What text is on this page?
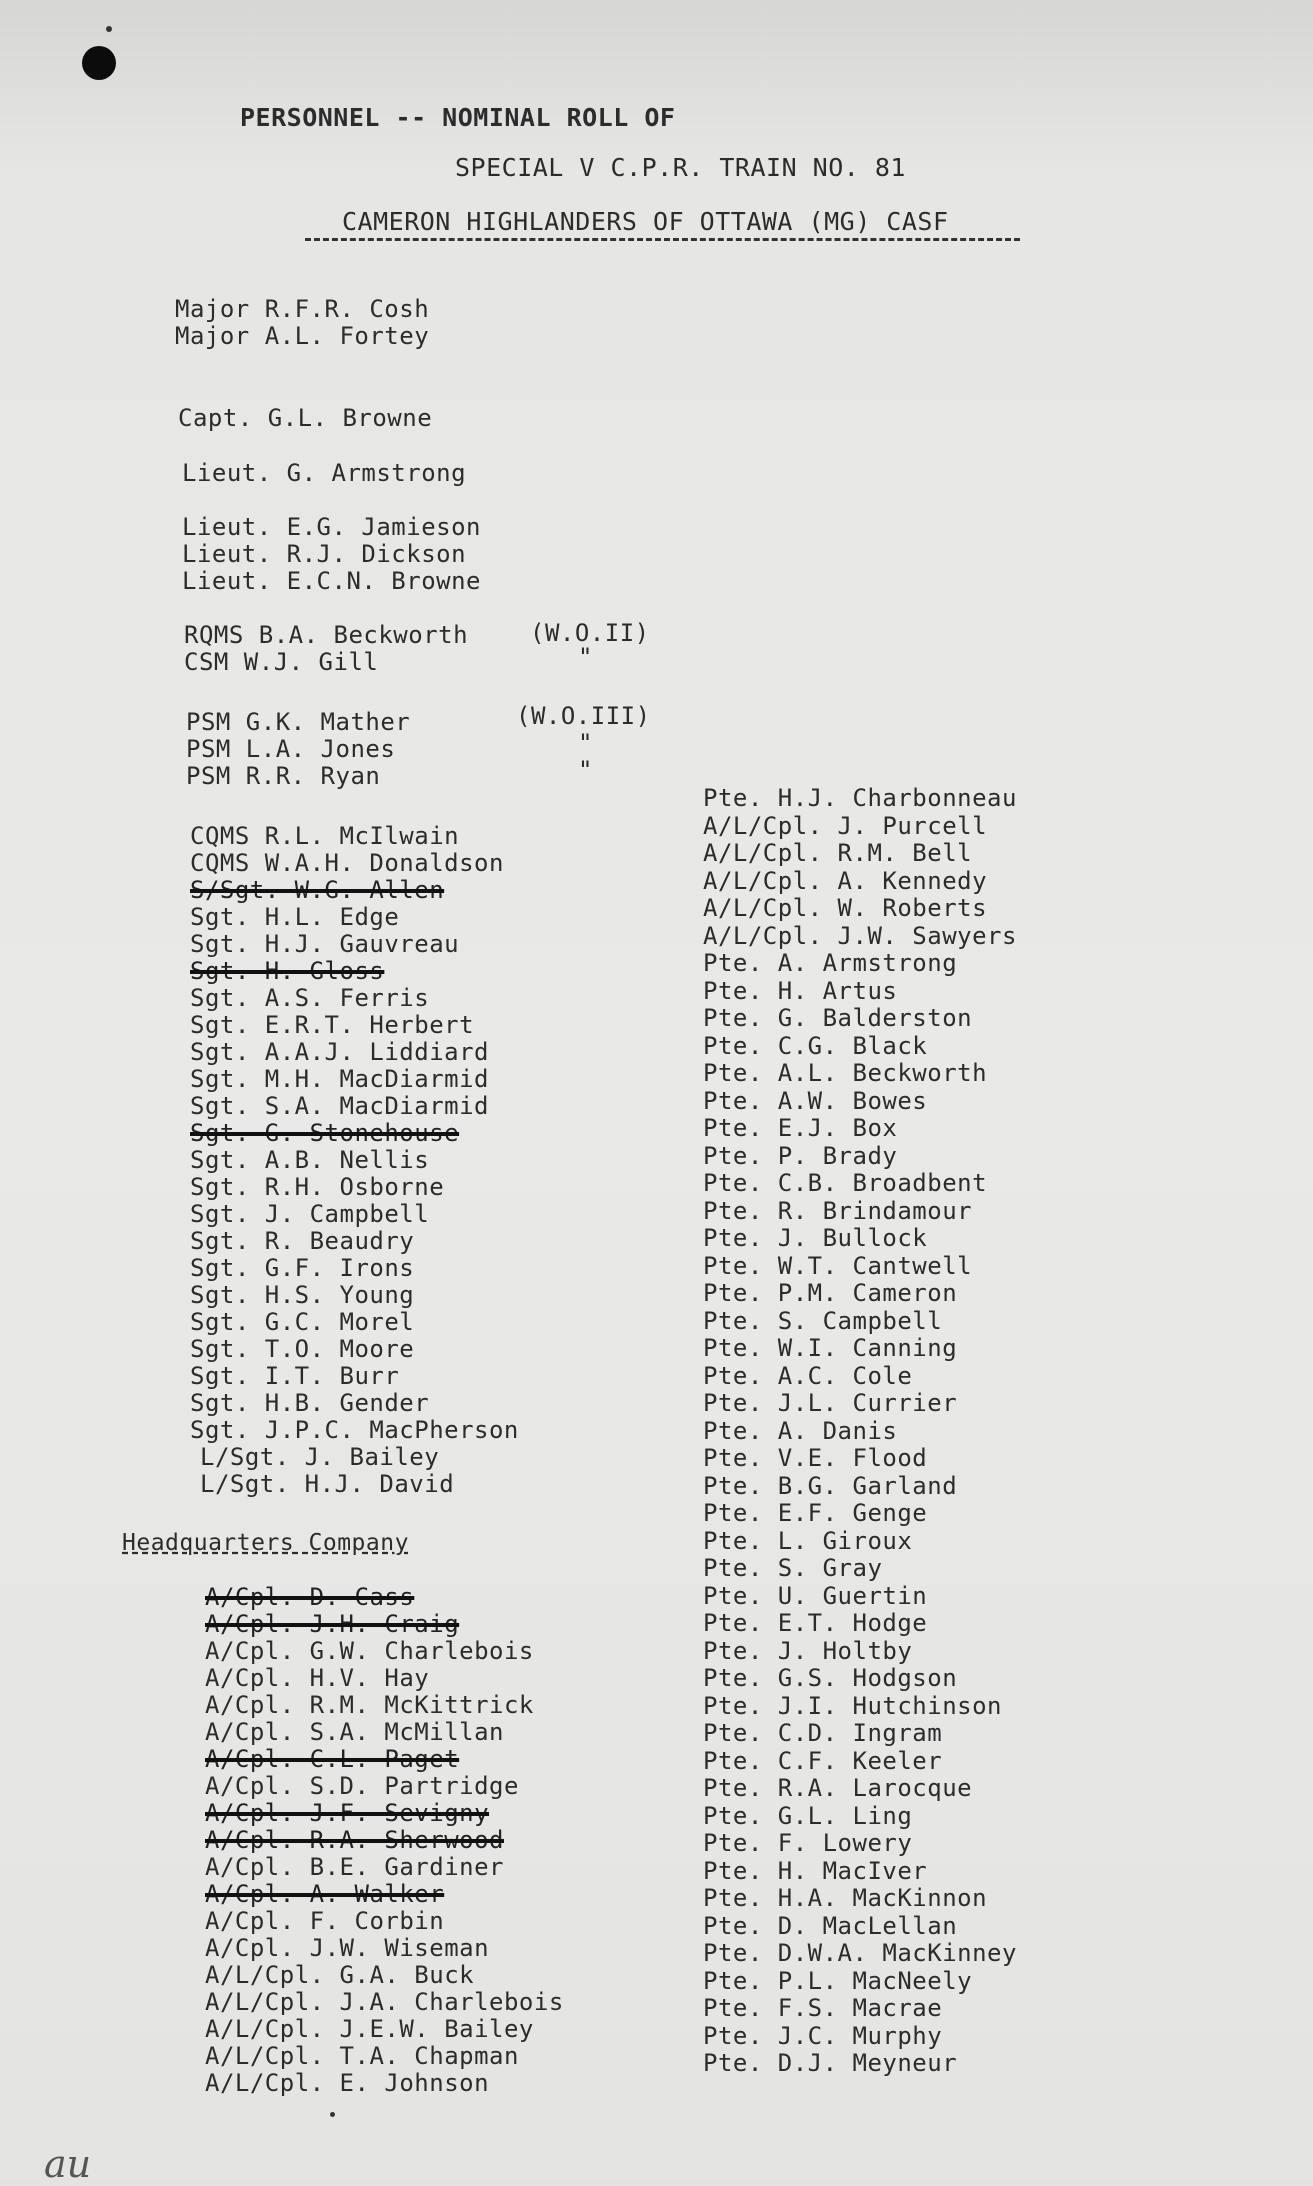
PERSONNEL -- NOMINAL ROLL OF
SPECIAL V C.P.R. TRAIN NO. 81
CAMERON HIGHLANDERS OF OTTAWA (MG) CASF
Major R.F.R. Cosh
Major A.L. Fortey
Capt. G.L. Browne
Lieut. G. Armstrong
Lieut. E.G. Jamieson
Lieut. R.J. Dickson
Lieut. E.C.N. Browne
RQMS B.A. Beckworth
CSM W.J. Gill
PSM G.K. Mather
PSM L.A. Jones
PSM R.R. Ryan
CQMS R.L. McIlwain
CQMS W.A.H. Donaldson
S/Sgt. W.G. Allen
Sgt. H.L. Edge
Sgt. H.J. Gauvreau
Sgt. H. Gloss
Sgt. A.S. Ferris
Sgt. E.R.T. Herbert
Sgt. A.A.J. Liddiard
Sgt. M.H. MacDiarmid
Sgt. S.A. MacDiarmid
Sgt. G. Stonehouse
Sgt. A.B. Nellis
Sgt. R.H. Osborne
Sgt. J. Campbell
Sgt. R. Beaudry
Sgt. G.F. Irons
Sgt. H.S. Young
Sgt. G.C. Morel
Sgt. T.O. Moore
Sgt. I.T. Burr
Sgt. H.B. Gender
Sgt. J.P.C. MacPherson
L/Sgt. J. Bailey
L/Sgt. H.J. David
Headquarters Company
A/Cpl. D. Cass
A/Cpl. J.H. Craig
A/Cpl. G.W. Charlebois
A/Cpl. H.V. Hay
A/Cpl. R.M. McKittrick
A/Cpl. S.A. McMillan
A/Cpl. C.L. Paget
A/Cpl. S.D. Partridge
A/Cpl. J.F. Sevigny
A/Cpl. R.A. Sherwood
A/Cpl. B.E. Gardiner
A/Cpl. A. Walker
A/Cpl. F. Corbin
A/Cpl. J.W. Wiseman
A/L/Cpl. G.A. Buck
A/L/Cpl. J.A. Charlebois
A/L/Cpl. J.E.W. Bailey
A/L/Cpl. T.A. Chapman
A/L/Cpl. E. Johnson
(W.O.II)
"
(W.O.III)
"
"
Pte. H.J. Charbonneau
A/L/Cpl. J. Purcell
A/L/Cpl. R.M. Bell
A/L/Cpl. A. Kennedy
A/L/Cpl. W. Roberts
A/L/Cpl. J.W. Sawyers
Pte. A. Armstrong
Pte. H. Artus
Pte. G. Balderston
Pte. C.G. Black
Pte. A.L. Beckworth
Pte. A.W. Bowes
Pte. E.J. Box
Pte. P. Brady
Pte. C.B. Broadbent
Pte. R. Brindamour
Pte. J. Bullock
Pte. W.T. Cantwell
Pte. P.M. Cameron
Pte. S. Campbell
Pte. W.I. Canning
Pte. A.C. Cole
Pte. J.L. Currier
Pte. A. Danis
Pte. V.E. Flood
Pte. B.G. Garland
Pte. E.F. Genge
Pte. L. Giroux
Pte. S. Gray
Pte. U. Guertin
Pte. E.T. Hodge
Pte. J. Holtby
Pte. G.S. Hodgson
Pte. J.I. Hutchinson
Pte. C.D. Ingram
Pte. C.F. Keeler
Pte. R.A. Larocque
Pte. G.L. Ling
Pte. F. Lowery
Pte. H. MacIver
Pte. H.A. MacKinnon
Pte. D. MacLellan
Pte. D.W.A. MacKinney
Pte. P.L. MacNeely
Pte. F.S. Macrae
Pte. J.C. Murphy
Pte. D.J. Meyneur
au
